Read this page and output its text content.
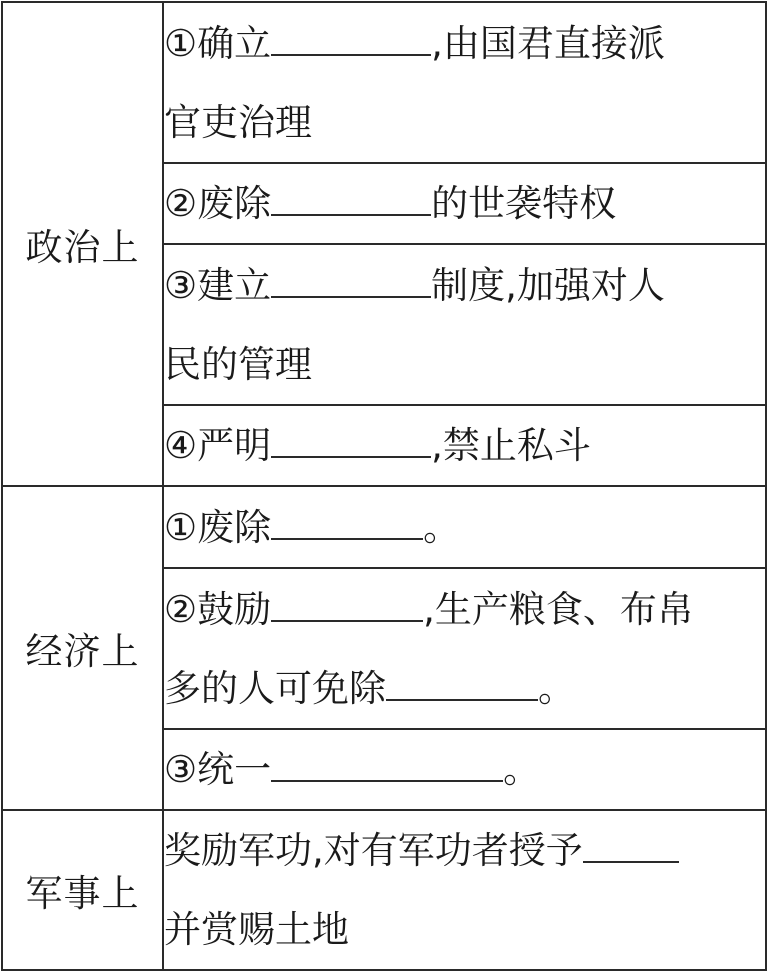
政治上	①确立 ,由国君直接派
官吏治理
	②废除 的世袭特权
	③建立 制度,加强对人
民的管理
	④严明 ,禁止私斗
经济上	①废除 。
	②鼓励 ,生产粮食、布帛
多的人可免除 。
	③统一 。
军事上	奖励军功,对有军功者授予
并赏赐土地
